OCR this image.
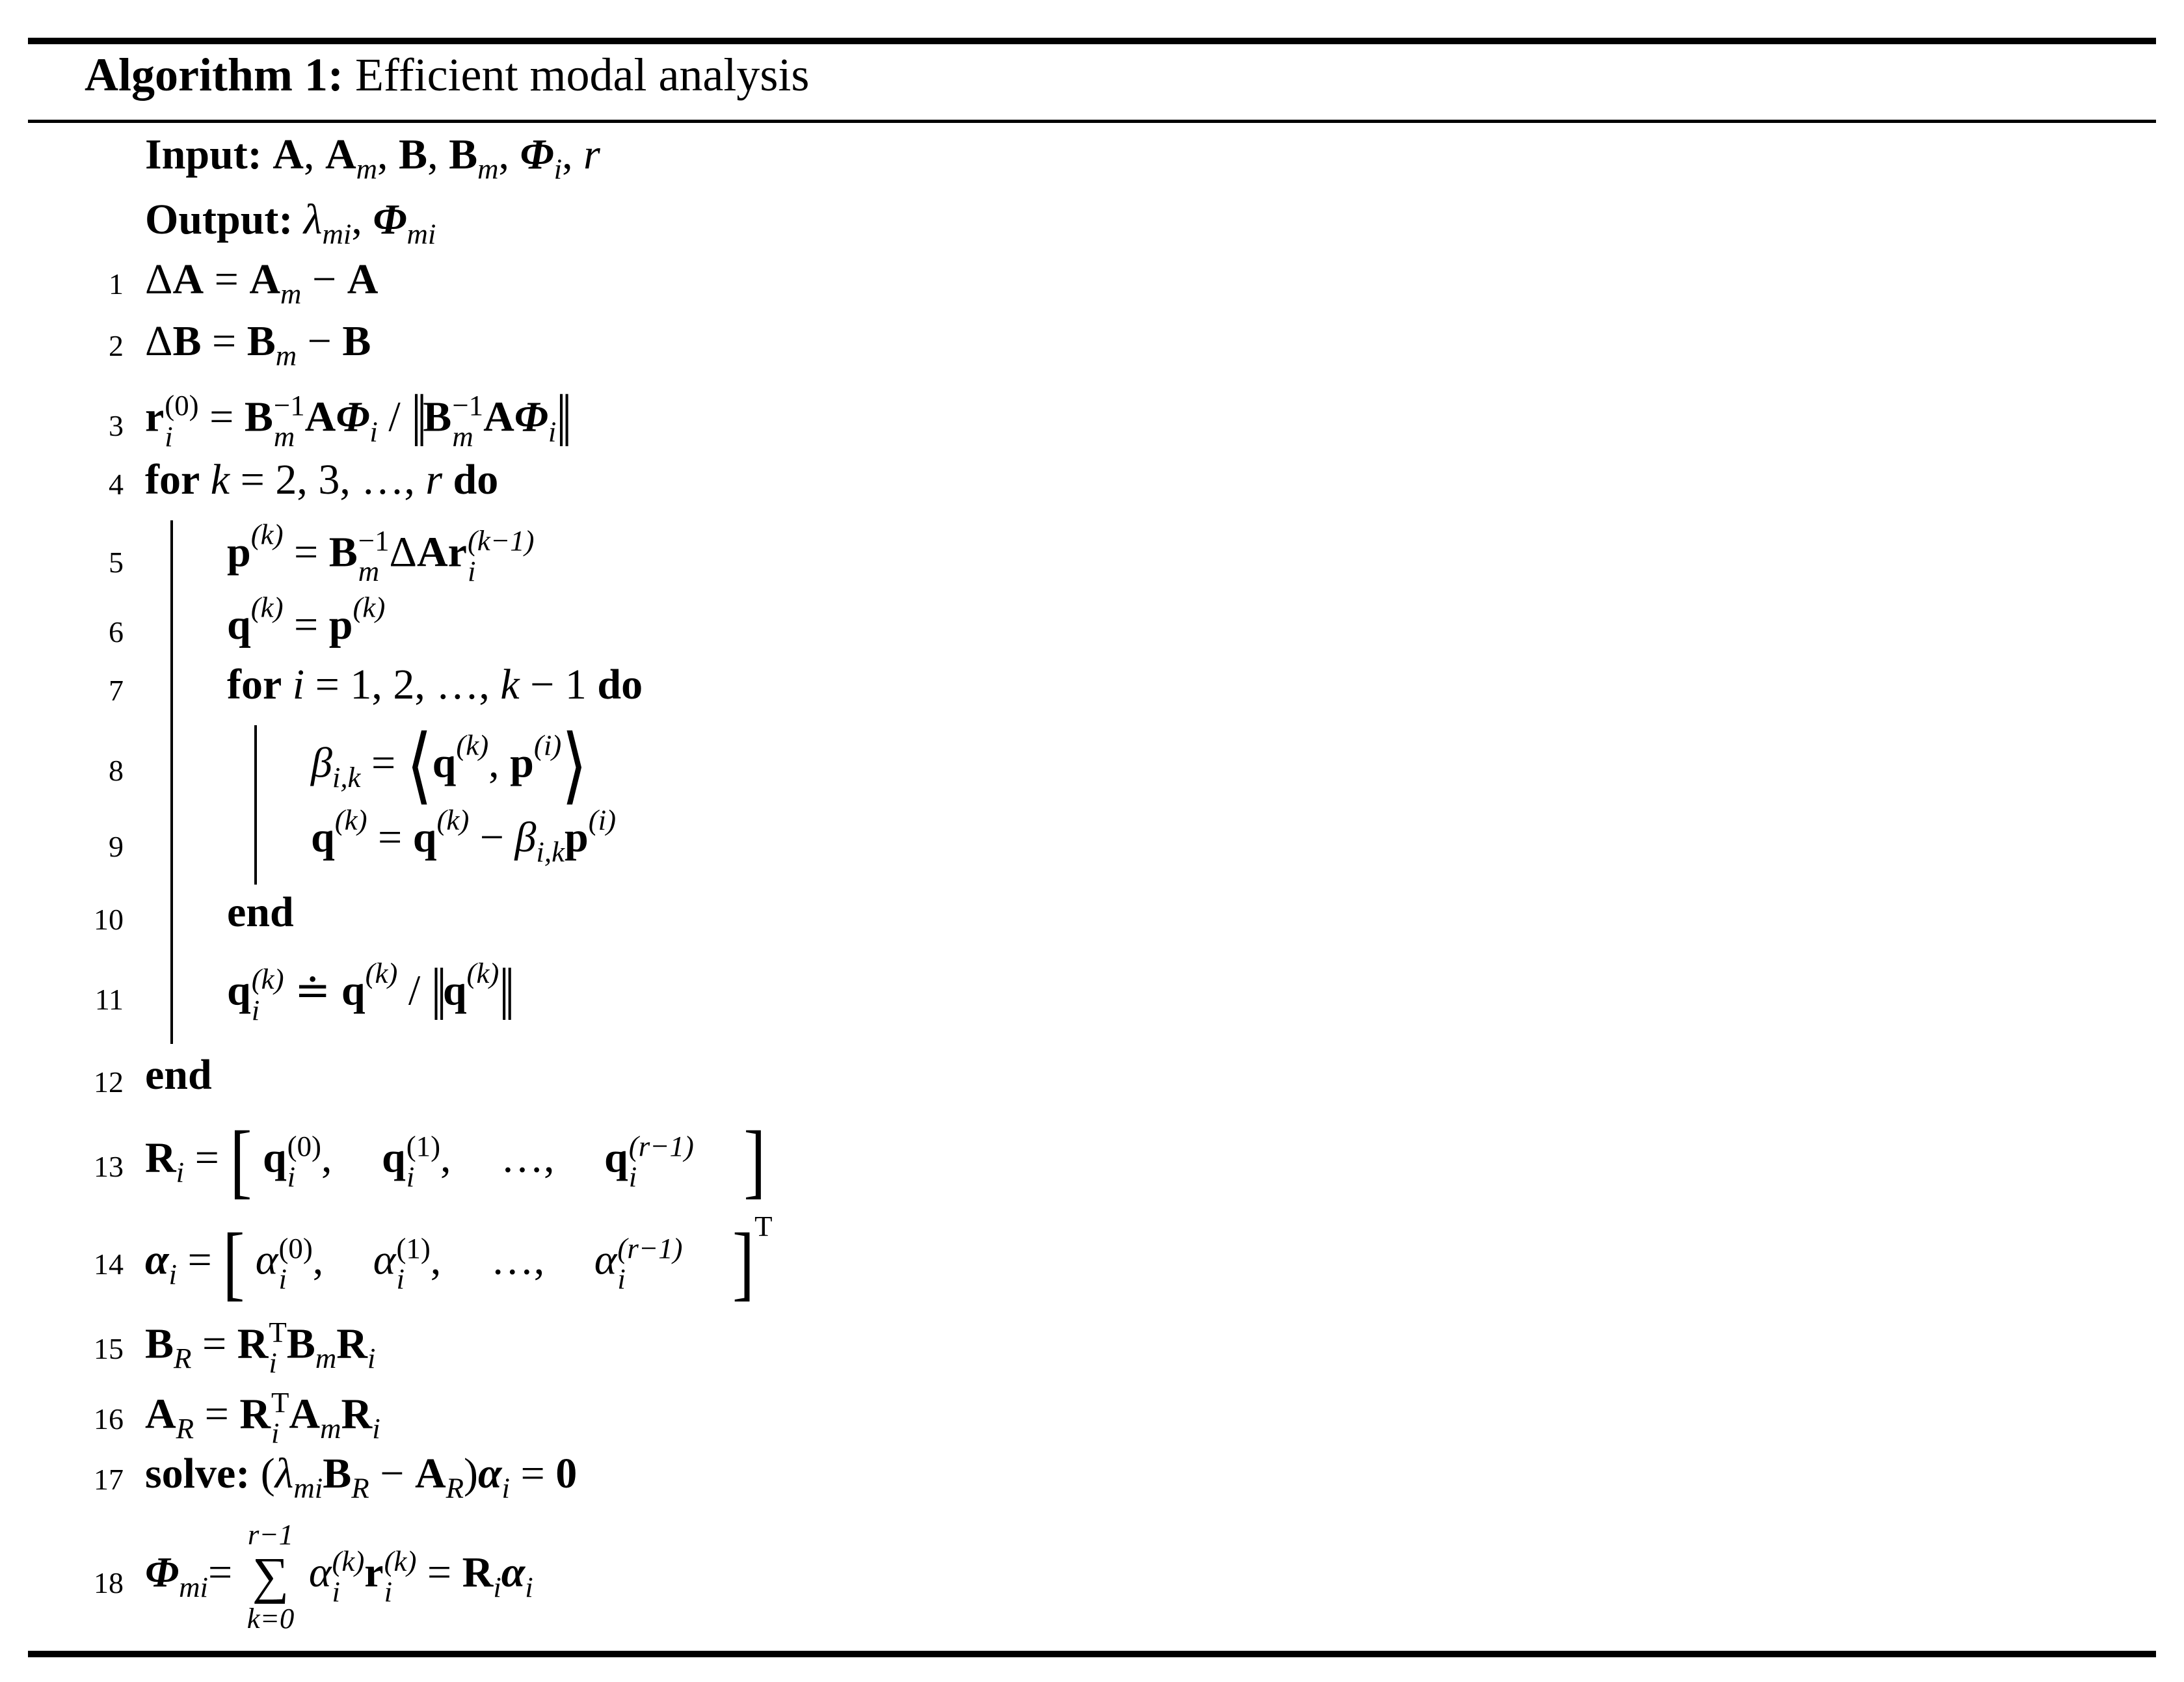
Algorithm 1: Efficient modal analysis
Input: A, $A_m$, B, $B_m$, $\Phi_i$, r
Output: $\lambda_{mi}$, $\Phi_{mi}$
1 $\Delta A = A_m - A$
2 $\Delta B = B_m - B$
3 r (0)
i = B −1
m $A\Phi_i$ / ‖B −1
m $A\Phi_i‖$
4 for k = 2, 3, …, r do
5 $p^{(k)} = B -1$
m ΔAr (k−1)
i
6 $q^{(k)} = p^{(k)}$
7 for i = 1, 2, …, k − 1 do
8	$\beta_{i,k}$ = $⟨q^{(k)}$, $p^{(i)}⟩$
9	$q^{(k)} = q^{(k)} - \beta_{i,k}p^{(i)}$
10 end
11 q (k)
i ≐ $q^{(k)}$ / $‖q^{(k)}‖$
12 end
13 $R_i$ = [ q (0)
i , q (1)
i , …, q (r−1)
i	]
14 $\alpha_i$ = [ α (0)
i , α (1)
i , …, α (r−1)
i	]$^T$
15 $B_R = R$ T
i $B_mR_i$
16 $A_R = R$ T
i $A_mR_i$
17 solve: $(\lambda_{mi}B_R - A_R)\alpha_i = 0$
18 $\Phi_{mi}=$
r−1
∑
k=0
α (k)
i r (k)
$i = R_i\alpha_i$
